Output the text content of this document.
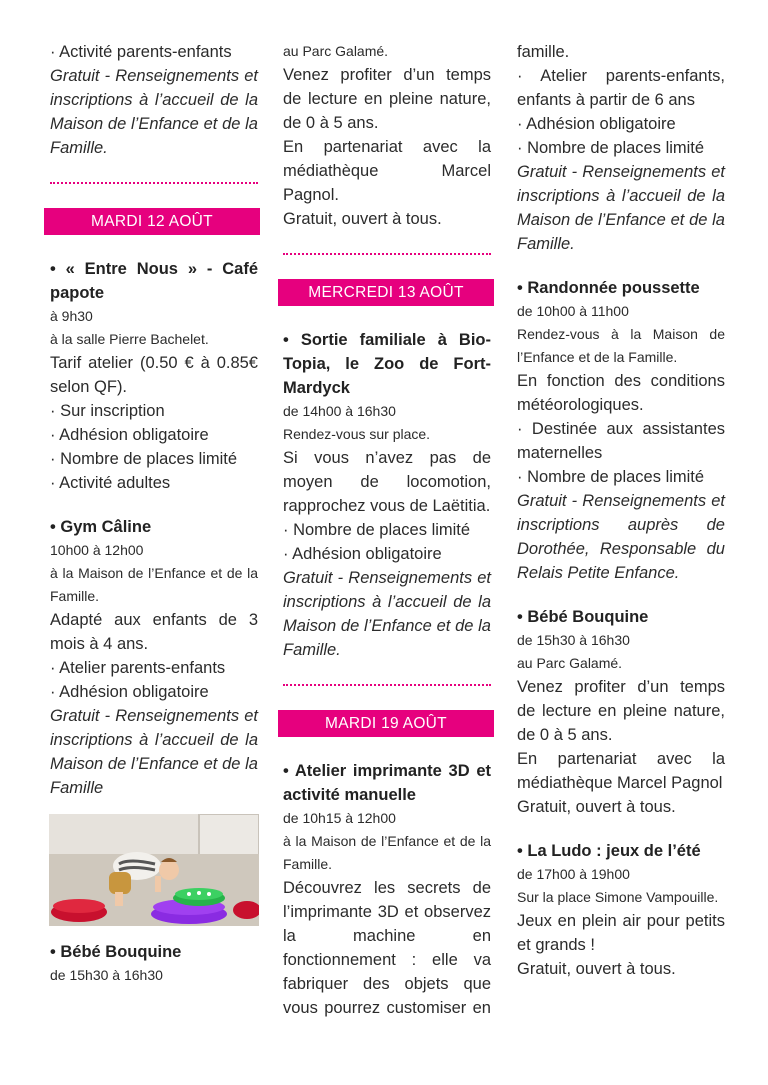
· Activité parents-enfants
Gratuit - Renseignements et inscriptions à l’accueil de la Maison de l’Enfance et de la Famille.
MARDI 12 AOÛT
• « Entre Nous » - Café papote
à 9h30
à la salle Pierre Bachelet.
Tarif atelier (0.50 € à 0.85€ selon QF).
· Sur inscription
· Adhésion obligatoire
· Nombre de places limité
· Activité adultes
• Gym Câline
10h00 à 12h00
à la Maison de l’Enfance et de la Famille.
Adapté aux enfants de 3 mois à 4 ans.
· Atelier parents-enfants
· Adhésion obligatoire
Gratuit - Renseignements et inscriptions à l’accueil de la Maison de l’Enfance et de la Famille
• Bébé Bouquine
de 15h30 à 16h30
au Parc Galamé.
Venez profiter d’un temps de lecture en pleine nature, de 0 à 5 ans.
En partenariat avec la médiathèque Marcel Pagnol.
Gratuit, ouvert à tous.
MERCREDI 13 AOÛT
• Sortie familiale à Bio-Topia, le Zoo de Fort-Mardyck
de 14h00 à 16h30
Rendez-vous sur place.
Si vous n’avez pas de moyen de locomotion, rapprochez vous de Laëtitia.
· Nombre de places limité
· Adhésion obligatoire
Gratuit - Renseignements et inscriptions à l’accueil de la Maison de l’Enfance et de la Famille.
MARDI 19 AOÛT
• Atelier imprimante 3D et activité manuelle
de 10h15 à 12h00
à la Maison de l’Enfance et de la Famille.
Découvrez les secrets de l’imprimante 3D et observez la machine en fonctionnement : elle va fabriquer des objets que vous pourrez customiser en
famille.
· Atelier parents-enfants, enfants à partir de 6 ans
· Adhésion obligatoire
· Nombre de places limité
Gratuit - Renseignements et inscriptions à l’accueil de la Maison de l’Enfance et de la Famille.
• Randonnée poussette
de 10h00 à 11h00
Rendez-vous à la Maison de l’Enfance et de la Famille.
En fonction des conditions météorologiques.
· Destinée aux assistantes maternelles
· Nombre de places limité
Gratuit - Renseignements et inscriptions auprès de Dorothée, Responsable du Relais Petite Enfance.
• Bébé Bouquine
de 15h30 à 16h30
au Parc Galamé.
Venez profiter d’un temps de lecture en pleine nature, de 0 à 5 ans.
En partenariat avec la médiathèque Marcel Pagnol
Gratuit, ouvert à tous.
• La Ludo : jeux de l’été
de 17h00 à 19h00
Sur la place Simone Vampouille.
Jeux en plein air pour petits et grands !
Gratuit, ouvert à tous.
